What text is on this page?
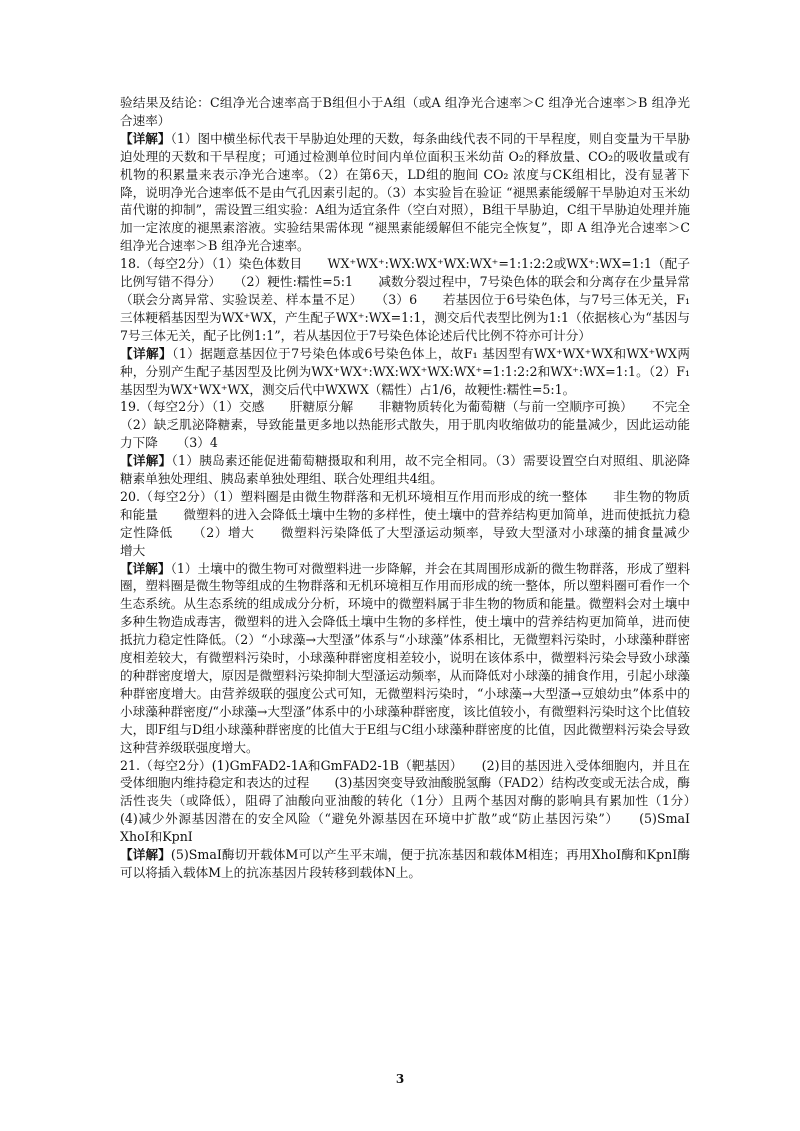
验结果及结论：C组净光合速率高于B组但小于A组（或A 组净光合速率＞C 组净光合速率＞B 组净光合速率）

【详解】（1）图中横坐标代表干旱胁迫处理的天数，每条曲线代表不同的干旱程度，则自变量为干旱胁迫处理的天数和干旱程度；可通过检测单位时间内单位面积玉米幼苗 O₂的释放量、CO₂的吸收量或有机物的积累量来表示净光合速率。（2）在第6天，LD组的胞间 CO₂ 浓度与CK组相比，没有显著下降，说明净光合速率低不是由气孔因素引起的。（3）本实验旨在验证 “褪黑素能缓解干旱胁迫对玉米幼苗代谢的抑制”，需设置三组实验：A组为适宜条件（空白对照），B组干旱胁迫，C组干旱胁迫处理并施加一定浓度的褪黑素溶液。实验结果需体现 “褪黑素能缓解但不能完全恢复”，即 A 组净光合速率＞C 组净光合速率＞B 组净光合速率。

18.（每空2分）（1）染色体数目　　WX⁺WX⁺:WX:WX⁺WX:WX⁺=1:1:2:2或WX⁺:WX=1:1（配子比例写错不得分）　　（2）粳性:糯性=5:1　　减数分裂过程中，7号染色体的联会和分离存在少量异常（联会分离异常、实验误差、样本量不足）　　（3）6　　若基因位于6号染色体，与7号三体无关，F₁ 三体粳稻基因型为WX⁺WX，产生配子WX⁺:WX=1:1，测交后代表型比例为1:1（依据核心为“基因与7号三体无关，配子比例1:1”，若从基因位于7号染色体论述后代比例不符亦可计分）

【详解】（1）据题意基因位于7号染色体或6号染色体上，故F₁ 基因型有WX⁺WX⁺WX和WX⁺WX两种，分别产生配子基因型及比例为WX⁺WX⁺:WX:WX⁺WX:WX⁺=1:1:2:2和WX⁺:WX=1:1。（2）F₁ 基因型为WX⁺WX⁺WX，测交后代中WXWX（糯性）占1/6，故粳性:糯性=5:1。

19.（每空2分）（1）交感　　肝糖原分解　　非糖物质转化为葡萄糖（与前一空顺序可换）　　不完全　　（2）缺乏肌泌降糖素，导致能量更多地以热能形式散失，用于肌肉收缩做功的能量减少，因此运动能力下降　　（3）4

【详解】（1）胰岛素还能促进葡萄糖摄取和利用，故不完全相同。（3）需要设置空白对照组、肌泌降糖素单独处理组、胰岛素单独处理组、联合处理组共4组。

20.（每空2分）（1）塑料圈是由微生物群落和无机环境相互作用而形成的统一整体　　非生物的物质和能量　　微塑料的进入会降低土壤中生物的多样性，使土壤中的营养结构更加简单，进而使抵抗力稳定性降低　　（2）增大　　微塑料污染降低了大型溞运动频率，导致大型溞对小球藻的捕食量减少　　增大

【详解】（1）土壤中的微生物可对微塑料进一步降解，并会在其周围形成新的微生物群落，形成了塑料圈，塑料圈是微生物等组成的生物群落和无机环境相互作用而形成的统一整体，所以塑料圈可看作一个生态系统。从生态系统的组成成分分析，环境中的微塑料属于非生物的物质和能量。微塑料会对土壤中多种生物造成毒害，微塑料的进入会降低土壤中生物的多样性，使土壤中的营养结构更加简单，进而使抵抗力稳定性降低。（2）“小球藻→大型溞”体系与“小球藻”体系相比，无微塑料污染时，小球藻种群密度相差较大，有微塑料污染时，小球藻种群密度相差较小，说明在该体系中，微塑料污染会导致小球藻的种群密度增大，原因是微塑料污染抑制大型溞运动频率，从而降低对小球藻的捕食作用，引起小球藻种群密度增大。由营养级联的强度公式可知，无微塑料污染时，“小球藻→大型溞→豆娘幼虫”体系中的小球藻种群密度/“小球藻→大型溞”体系中的小球藻种群密度，该比值较小，有微塑料污染时这个比值较大，即F组与D组小球藻种群密度的比值大于E组与C组小球藻种群密度的比值，因此微塑料污染会导致这种营养级联强度增大。

21.（每空2分）(1)GmFAD2-1A和GmFAD2-1B（靶基因）　　(2)目的基因进入受体细胞内，并且在受体细胞内维持稳定和表达的过程　　(3)基因突变导致油酸脱氢酶（FAD2）结构改变或无法合成，酶活性丧失（或降低），阻碍了油酸向亚油酸的转化（1分）且两个基因对酶的影响具有累加性（1分）　　(4)减少外源基因潜在的安全风险（“避免外源基因在环境中扩散”或“防止基因污染”）　　(5)SmaI　　XhoI和KpnI

【详解】(5)SmaI酶切开载体M可以产生平末端，便于抗冻基因和载体M相连；再用XhoI酶和KpnI酶可以将插入载体M上的抗冻基因片段转移到载体N上。

3
